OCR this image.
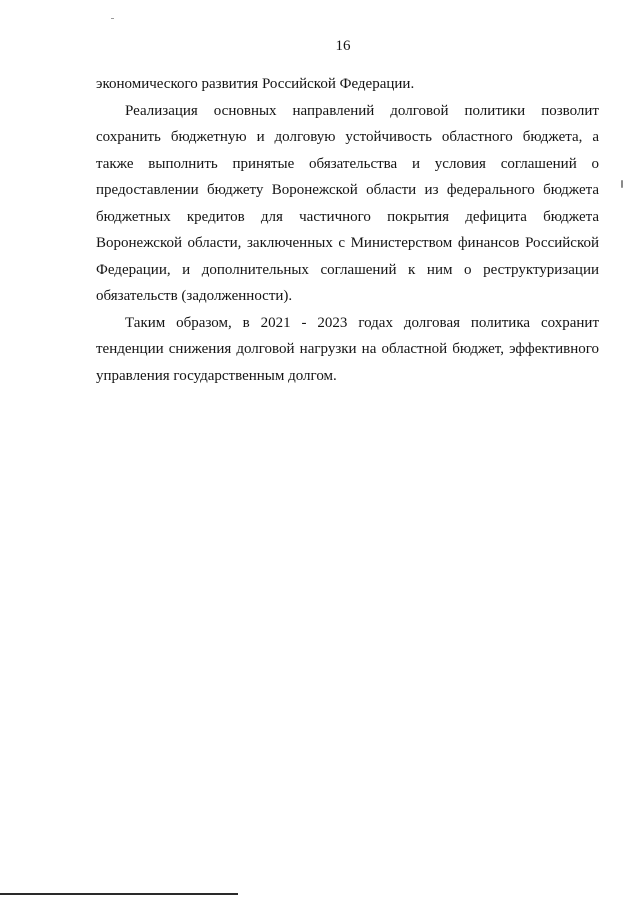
16
экономического развития Российской Федерации.
Реализация основных направлений долговой политики позволит
сохранить бюджетную и долговую устойчивость областного бюджета, а
также выполнить принятые обязательства и условия соглашений о
предоставлении бюджету Воронежской области из федерального бюджета
бюджетных кредитов для частичного покрытия дефицита бюджета
Воронежской области, заключенных с Министерством финансов Российской
Федерации, и дополнительных соглашений к ним о реструктуризации
обязательств (задолженности).
Таким образом, в 2021 - 2023 годах долговая политика сохранит
тенденции снижения долговой нагрузки на областной бюджет, эффективного
управления государственным долгом.
